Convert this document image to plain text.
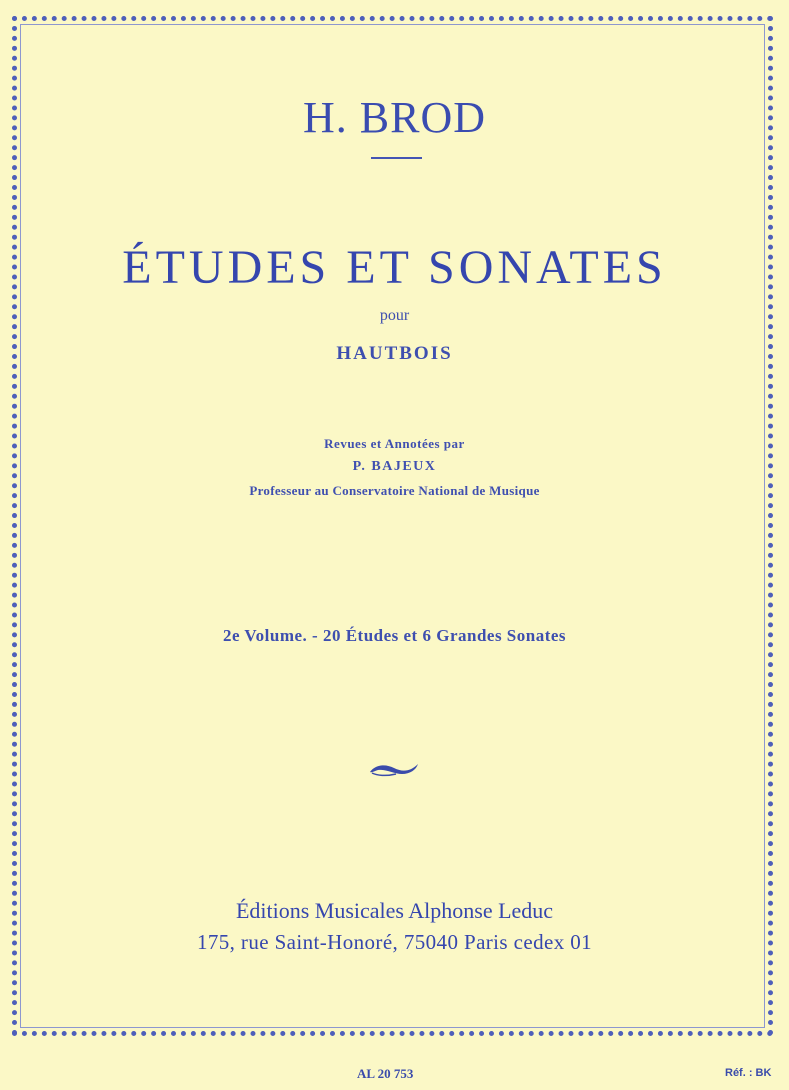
H. BROD
ÉTUDES ET SONATES
pour
HAUTBOIS
Revues et Annotées par
P. BAJEUX
Professeur au Conservatoire National de Musique
2e Volume. - 20 Études et 6 Grandes Sonates
Éditions Musicales Alphonse Leduc
175, rue Saint-Honoré, 75040 Paris cedex 01
AL 20 753	Réf. : BK
